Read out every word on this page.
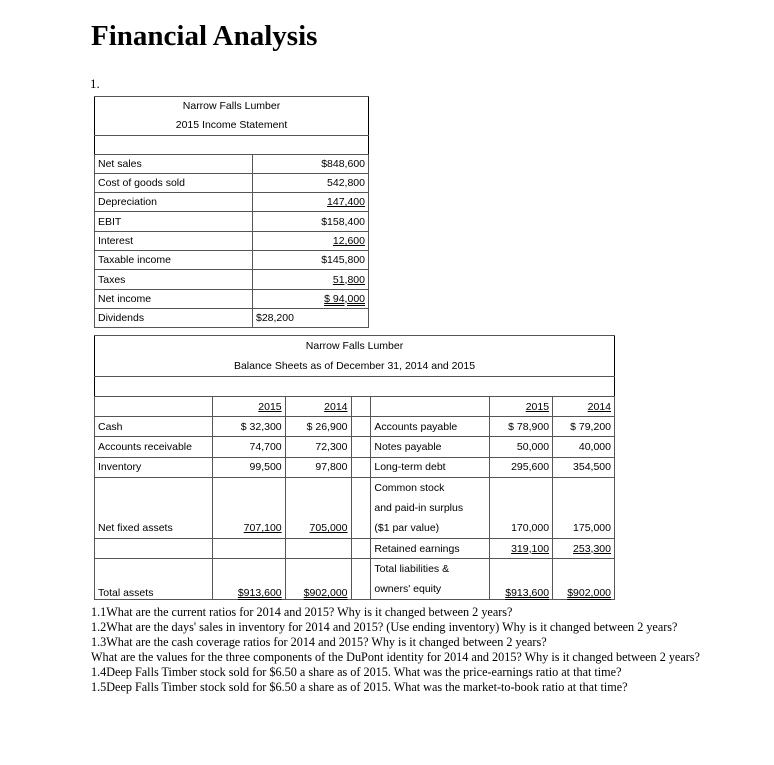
Financial Analysis
1.
Narrow Falls Lumber	
2015 Income Statement	

Net sales	$848,600
Cost of goods sold	542,800
Depreciation	147,400
EBIT	$158,400
Interest	12,600
Taxable income	$145,800
Taxes	51,800
Net income	$ 94,000
Dividends	$28,200
Narrow Falls Lumber						
Balance Sheets as of December 31, 2014 and 2015						

	2015	2014			2015	2014
Cash	$ 32,300	$ 26,900		Accounts payable	$ 78,900	$ 79,200
Accounts receivable	74,700	72,300		Notes payable	50,000	40,000
Inventory	99,500	97,800		Long-term debt	295,600	354,500
Net fixed assets	707,100	705,000		Common stock	170,000	175,000
				and paid-in surplus		
				($1 par value)		
				Retained earnings	319,100	253,300
Total assets	$913,600	$902,000		Total liabilities &	$913,600	$902,000
				owners' equity		

1.1What are the current ratios for 2014 and 2015? Why is it changed between 2 years?

1.2What are the days' sales in inventory for 2014 and 2015? (Use ending inventory) Why is it changed between 2 years?

1.3What are the cash coverage ratios for 2014 and 2015? Why is it changed between 2 years?

What are the values for the three components of the DuPont identity for 2014 and 2015? Why is it changed between 2 years?

1.4Deep Falls Timber stock sold for $6.50 a share as of 2015. What was the price-earnings ratio at that time?

1.5Deep Falls Timber stock sold for $6.50 a share as of 2015. What was the market-to-book ratio at that time?
